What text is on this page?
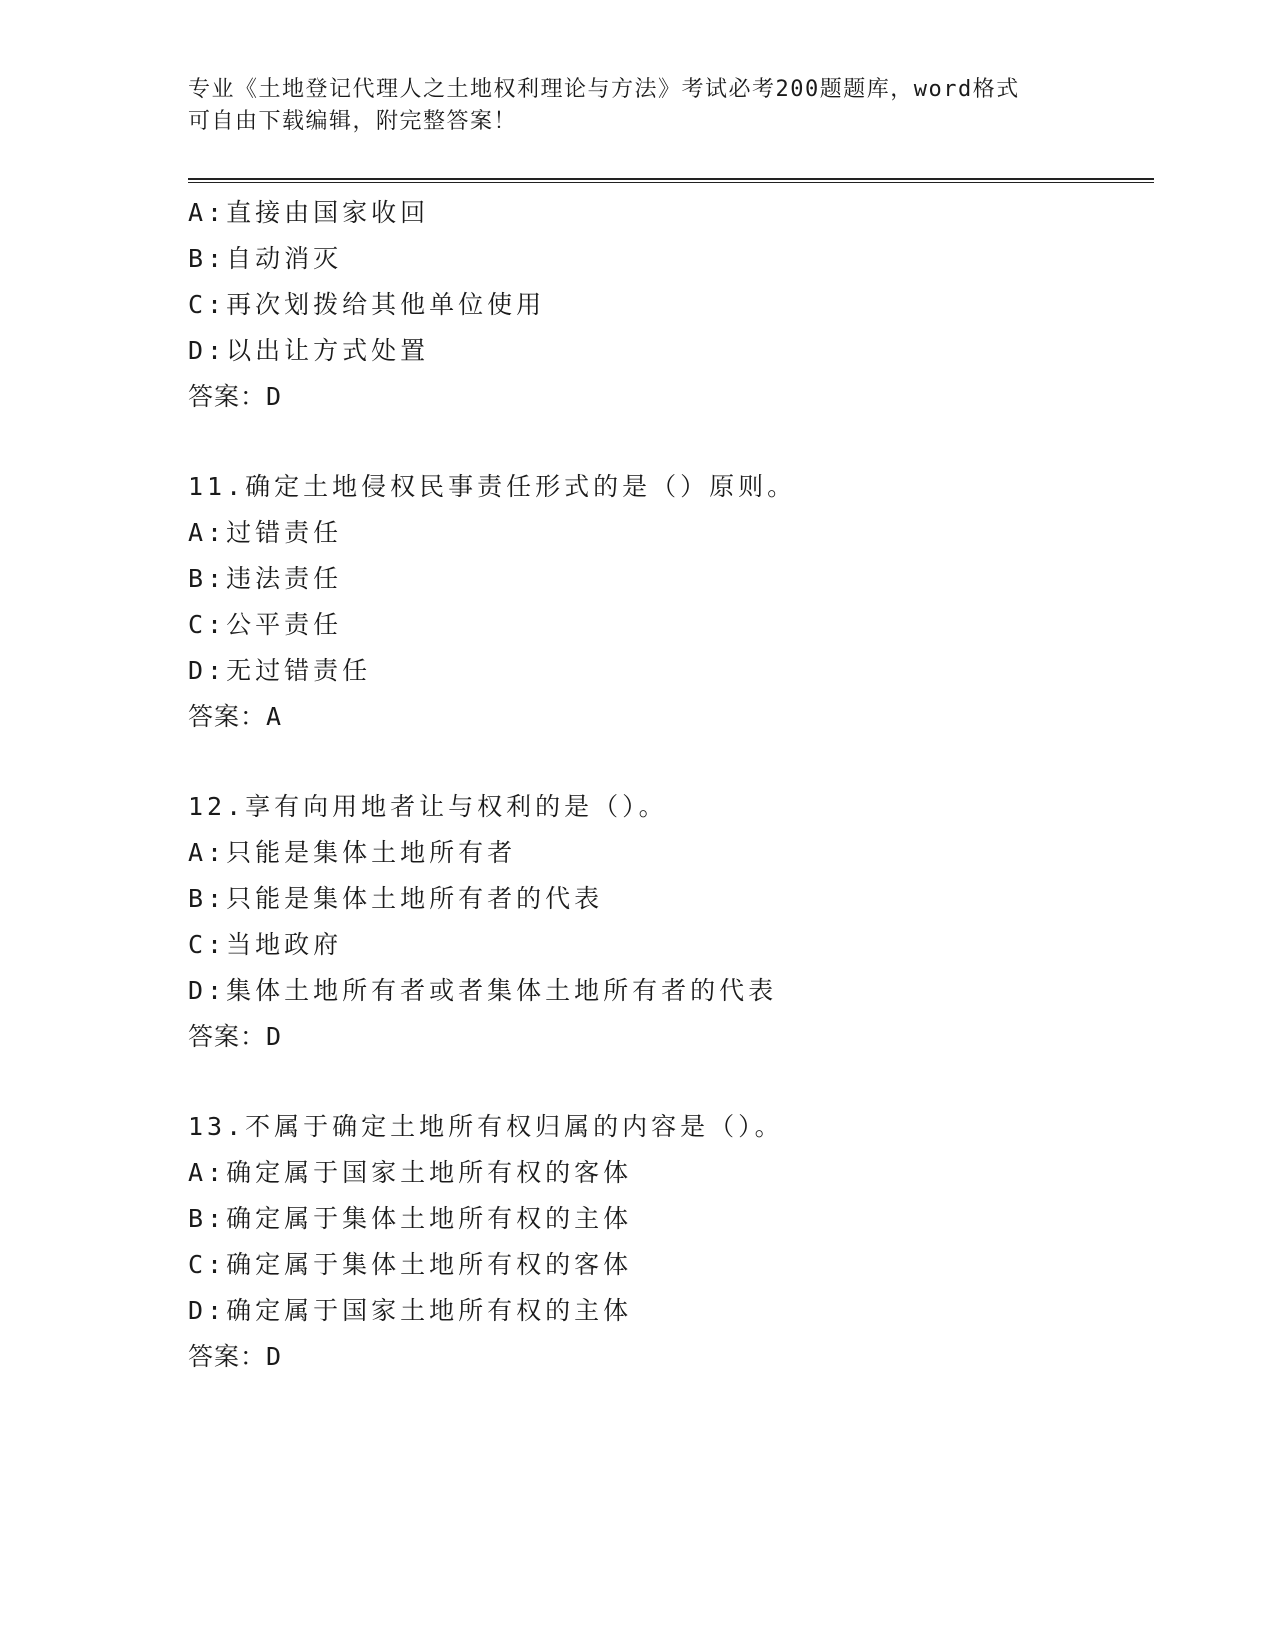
专业《土地登记代理人之土地权利理论与方法》考试必考200题题库，word格式
可自由下载编辑，附完整答案！
A:直接由国家收回
B:自动消灭
C:再次划拨给其他单位使用
D:以出让方式处置
答案：D
11.确定土地侵权民事责任形式的是（）原则。
A:过错责任
B:违法责任
C:公平责任
D:无过错责任
答案：A
12.享有向用地者让与权利的是（）。
A:只能是集体土地所有者
B:只能是集体土地所有者的代表
C:当地政府
D:集体土地所有者或者集体土地所有者的代表
答案：D
13.不属于确定土地所有权归属的内容是（）。
A:确定属于国家土地所有权的客体
B:确定属于集体土地所有权的主体
C:确定属于集体土地所有权的客体
D:确定属于国家土地所有权的主体
答案：D
